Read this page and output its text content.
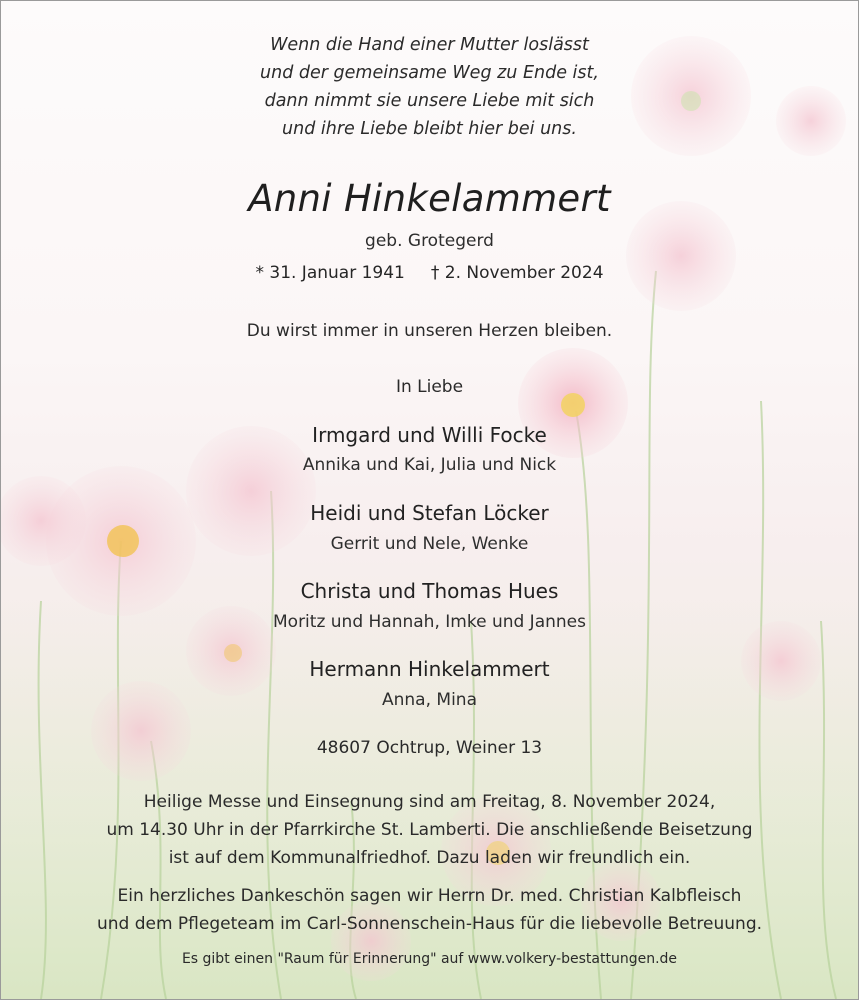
Wenn die Hand einer Mutter loslässt
und der gemeinsame Weg zu Ende ist,
dann nimmt sie unsere Liebe mit sich
und ihre Liebe bleibt hier bei uns.
Anni Hinkelammert
geb. Grotegerd
* 31. Januar 1941 † 2. November 2024
Du wirst immer in unseren Herzen bleiben.
In Liebe
Irmgard und Willi Focke
Annika und Kai, Julia und Nick
Heidi und Stefan Löcker
Gerrit und Nele, Wenke
Christa und Thomas Hues
Moritz und Hannah, Imke und Jannes
Hermann Hinkelammert
Anna, Mina
48607 Ochtrup, Weiner 13
Heilige Messe und Einsegnung sind am Freitag, 8. November 2024,
um 14.30 Uhr in der Pfarrkirche St. Lamberti. Die anschließende Beisetzung
ist auf dem Kommunalfriedhof. Dazu laden wir freundlich ein.
Ein herzliches Dankeschön sagen wir Herrn Dr. med. Christian Kalbfleisch
und dem Pflegeteam im Carl-Sonnenschein-Haus für die liebevolle Betreuung.
Es gibt einen "Raum für Erinnerung" auf www.volkery-bestattungen.de
